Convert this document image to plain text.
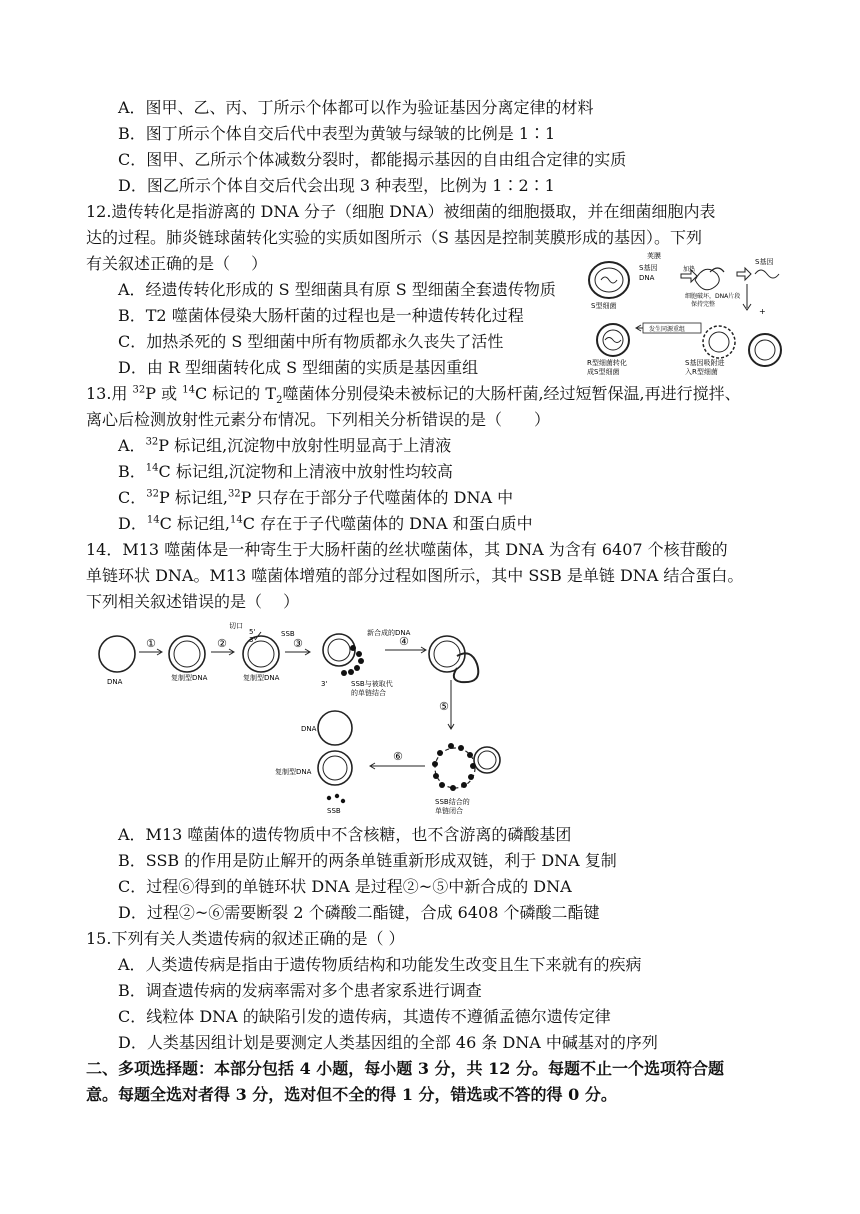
A．图甲、乙、丙、丁所示个体都可以作为验证基因分离定律的材料
B．图丁所示个体自交后代中表型为黄皱与绿皱的比例是 1∶1
C．图甲、乙所示个体减数分裂时，都能揭示基因的自由组合定律的实质
D．图乙所示个体自交后代会出现 3 种表型，比例为 1∶2∶1
12.遗传转化是指游离的 DNA 分子（细胞 DNA）被细菌的细胞摄取，并在细菌细胞内表
达的过程。肺炎链球菌转化实验的实质如图所示（S 基因是控制荚膜形成的基因）。下列
有关叙述正确的是（　 ）
A．经遗传转化形成的 S 型细菌具有原 S 型细菌全套遗传物质
B．T2 噬菌体侵染大肠杆菌的过程也是一种遗传转化过程
C．加热杀死的 S 型细菌中所有物质都永久丧失了活性
D．由 R 型细菌转化成 S 型细菌的实质是基因重组
荚膜
S基因
DNA
加热
S基因
S型细菌
细胞破坏，DNA片段
保持完整
+
发生同源重组
R型细菌转化
成S型细菌
S基因吸附进
入R型细菌
13.用 $^{32}$P 或 $^{14}$C 标记的 $T_2$噬菌体分别侵染未被标记的大肠杆菌,经过短暂保温,再进行搅拌、
离心后检测放射性元素分布情况。下列相关分析错误的是（　　）
A．$^{32}$P 标记组,沉淀物中放射性明显高于上清液
B．$^{14}$C 标记组,沉淀物和上清液中放射性均较高
C．$^{32}$P 标记组,$^{32}$P 只存在于部分子代噬菌体的 DNA 中
D．$^{14}$C 标记组,$^{14}$C 存在于子代噬菌体的 DNA 和蛋白质中
14．M13 噬菌体是一种寄生于大肠杆菌的丝状噬菌体，其 DNA 为含有 6407 个核苷酸的
单链环状 DNA。M13 噬菌体增殖的部分过程如图所示，其中 SSB 是单链 DNA 结合蛋白。
下列相关叙述错误的是（　 ）
①	②	③	④
⑤
⑥
DNA	复制型DNA	复制型DNA
切口
5'
3'
SSB	新合成的DNA
3'	SSB与被取代
的单链结合
DNA
复制型DNA
SSB
SSB结合的
单链闭合
A．M13 噬菌体的遗传物质中不含核糖，也不含游离的磷酸基团
B．SSB 的作用是防止解开的两条单链重新形成双链，利于 DNA 复制
C．过程⑥得到的单链环状 DNA 是过程②~⑤中新合成的 DNA
D．过程②~⑥需要断裂 2 个磷酸二酯键，合成 6408 个磷酸二酯键
15.下列有关人类遗传病的叙述正确的是（ ）
A．人类遗传病是指由于遗传物质结构和功能发生改变且生下来就有的疾病
B．调查遗传病的发病率需对多个患者家系进行调查
C．线粒体 DNA 的缺陷引发的遗传病，其遗传不遵循孟德尔遗传定律
D．人类基因组计划是要测定人类基因组的全部 46 条 DNA 中碱基对的序列
二、多项选择题：本部分包括 4 小题，每小题 3 分，共 12 分。每题不止一个选项符合题
意。每题全选对者得 3 分，选对但不全的得 1 分，错选或不答的得 0 分。
